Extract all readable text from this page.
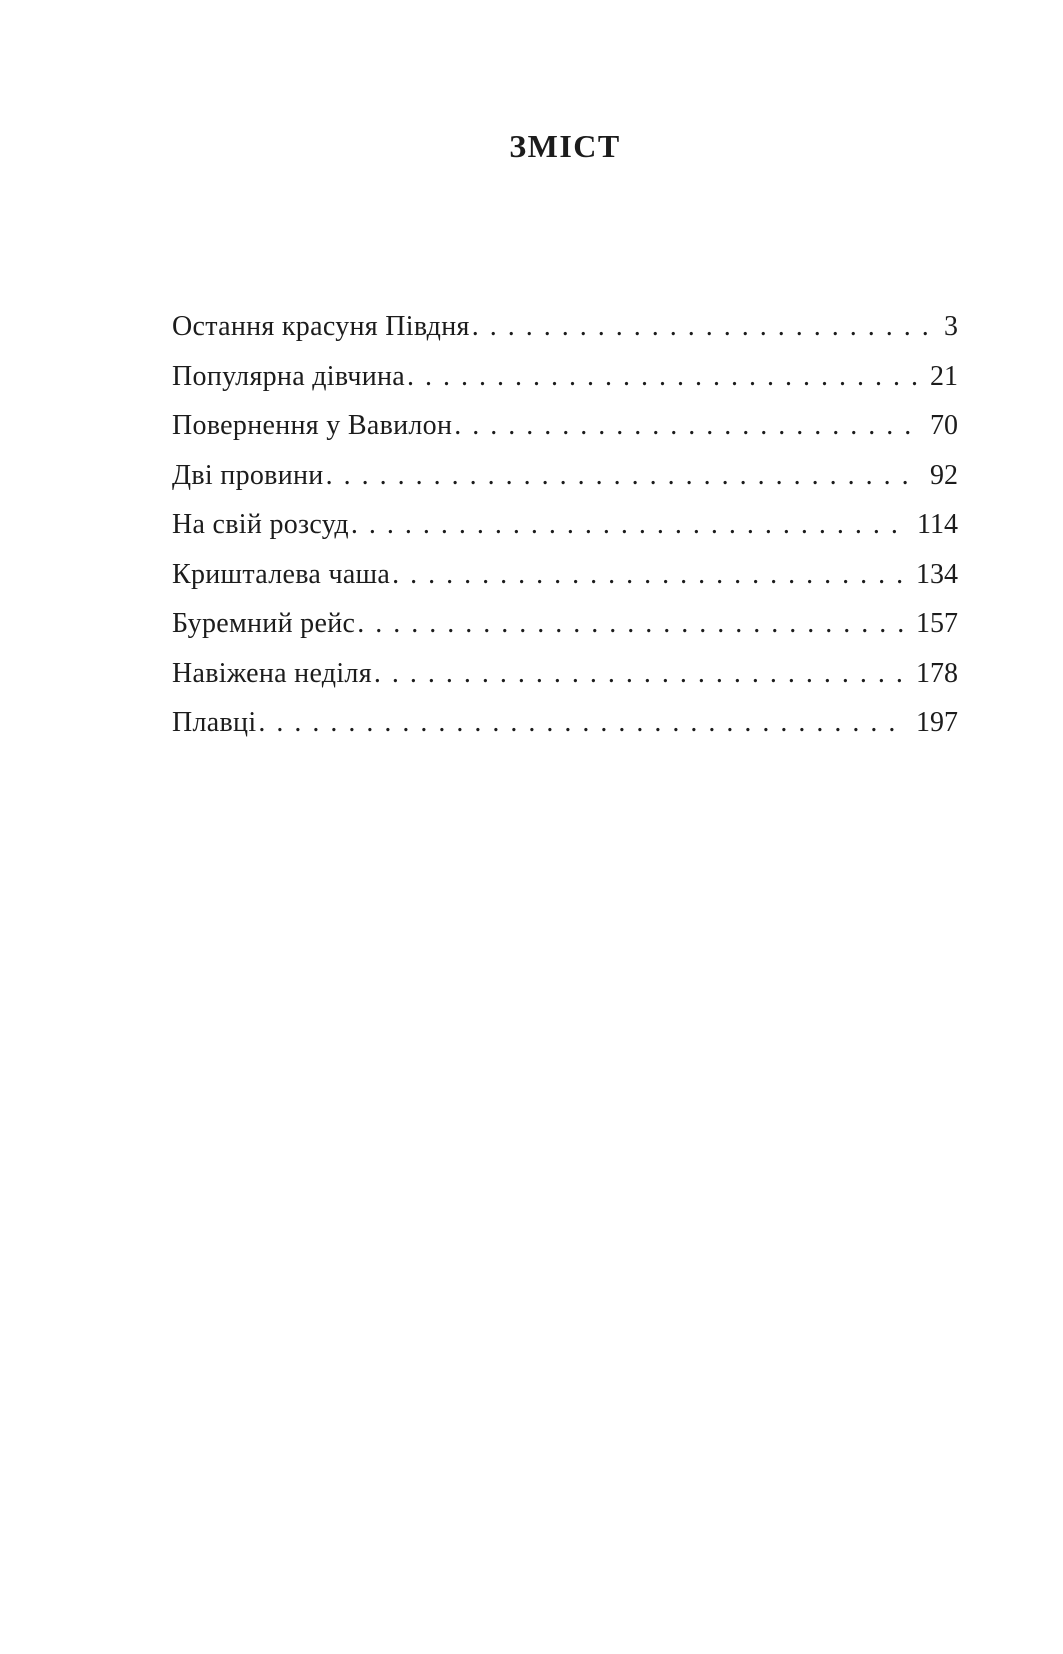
ЗМІСТ
Остання красуня Півдня . . .	3
Популярна дівчина . . .	21
Повернення у Вавилон . . .	70
Дві провини . . .	92
На свій розсуд . . .	114
Кришталева чаша . . .	134
Буремний рейс . . .	157
Навіжена неділя . . .	178
Плавці . . .	197
